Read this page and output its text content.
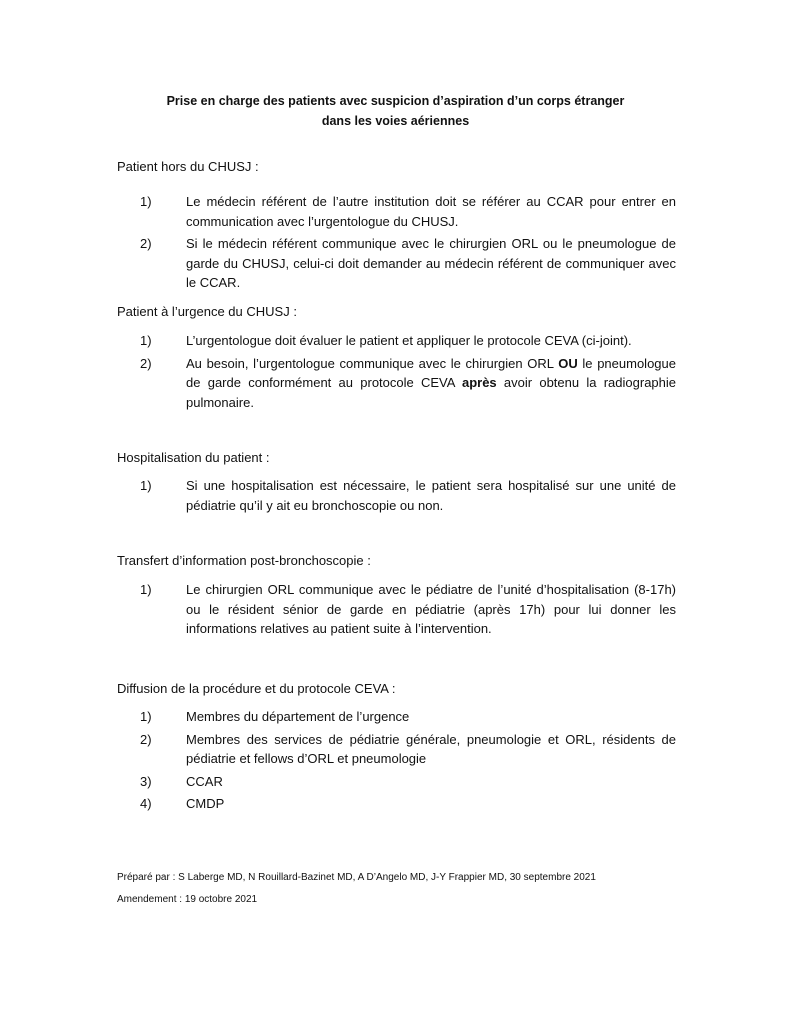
Prise en charge des patients avec suspicion d’aspiration d’un corps étranger
dans les voies aériennes
Patient hors du CHUSJ :
1)	Le médecin référent de l’autre institution doit se référer au CCAR pour entrer en communication avec l’urgentologue du CHUSJ.
2)	Si le médecin référent communique avec le chirurgien ORL ou le pneumologue de garde du CHUSJ, celui-ci doit demander au médecin référent de communiquer avec le CCAR.
Patient à l’urgence du CHUSJ :
1)	L’urgentologue doit évaluer le patient et appliquer le protocole CEVA (ci-joint).
2)	Au besoin, l’urgentologue communique avec le chirurgien ORL OU le pneumologue de garde conformément au protocole CEVA après avoir obtenu la radiographie pulmonaire.
Hospitalisation du patient :
1)	Si une hospitalisation est nécessaire, le patient sera hospitalisé sur une unité de pédiatrie qu’il y ait eu bronchoscopie ou non.
Transfert d’information post-bronchoscopie :
1)	Le chirurgien ORL communique avec le pédiatre de l’unité d’hospitalisation (8-17h) ou le résident sénior de garde en pédiatrie (après 17h) pour lui donner les informations relatives au patient suite à l’intervention.
Diffusion de la procédure et du protocole CEVA :
1)	Membres du département de l’urgence
2)	Membres des services de pédiatrie générale, pneumologie et ORL, résidents de pédiatrie et fellows d’ORL et pneumologie
3)	CCAR
4)	CMDP
Préparé par : S Laberge MD, N Rouillard-Bazinet MD, A D’Angelo MD, J-Y Frappier MD, 30 septembre 2021
Amendement : 19 octobre 2021
